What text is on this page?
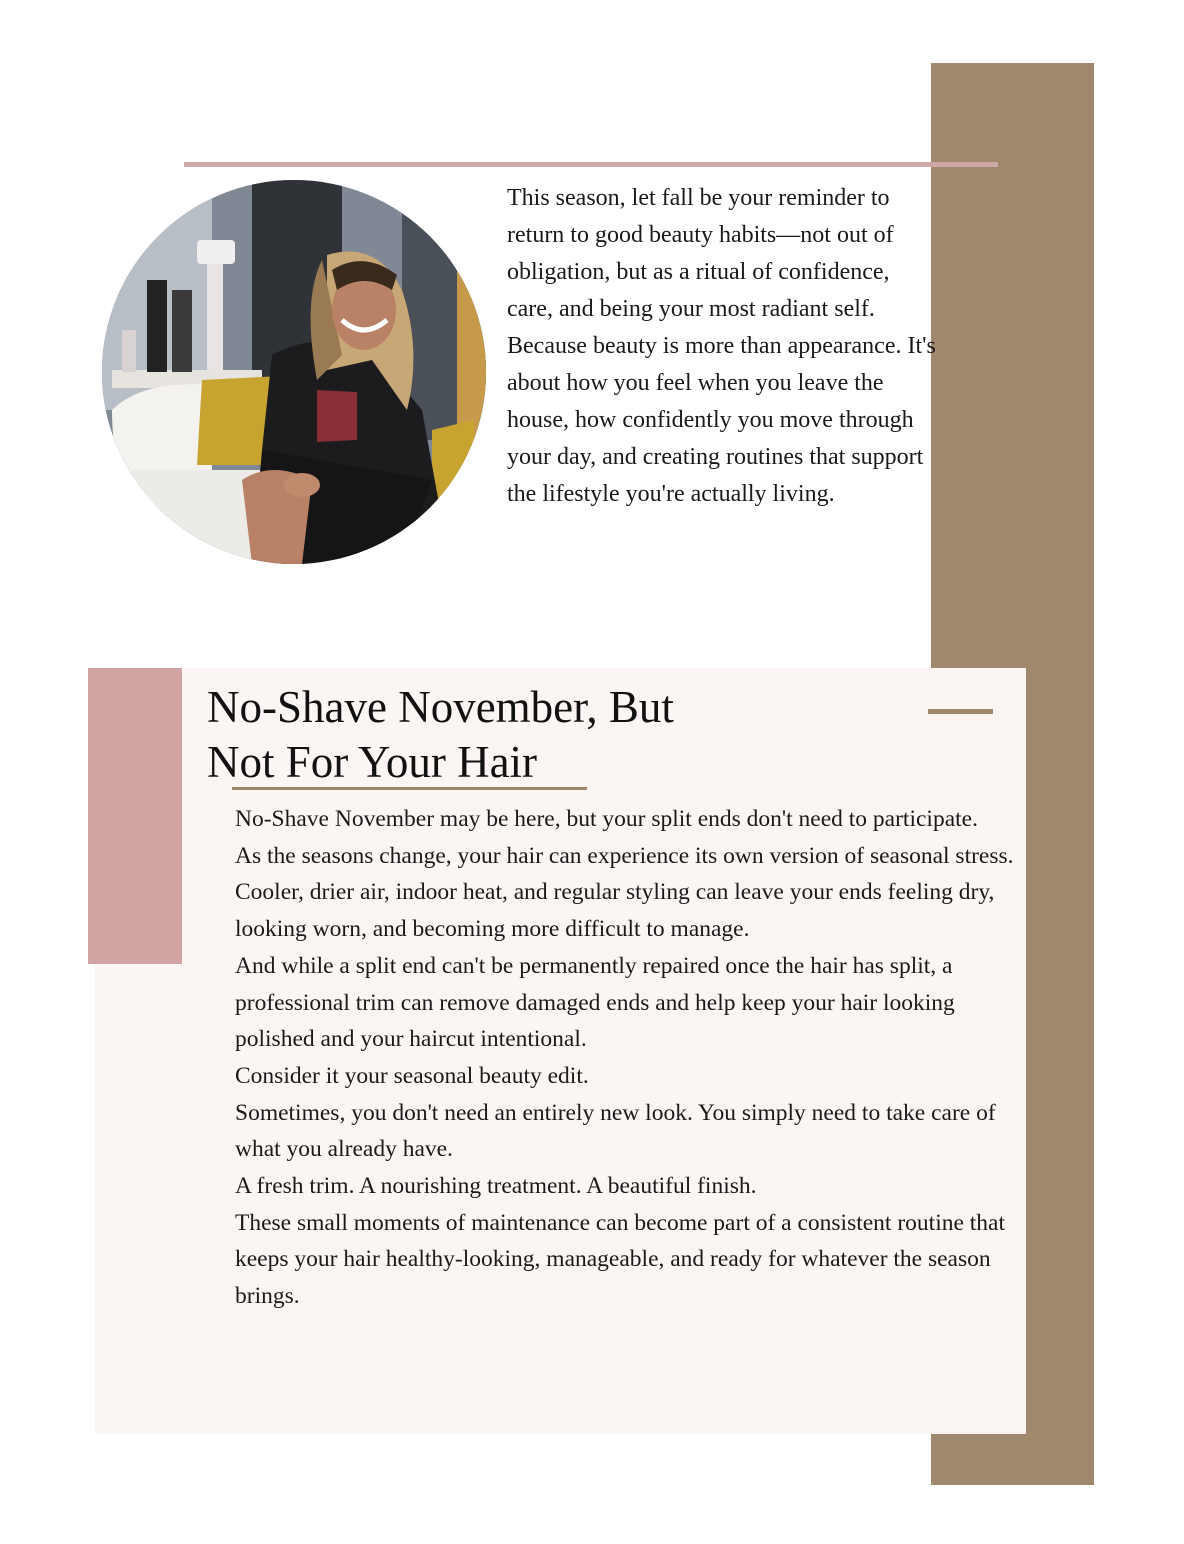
This season, let fall be your reminder to return to good beauty habits—not out of obligation, but as a ritual of confidence, care, and being your most radiant self.

Because beauty is more than appearance. It's about how you feel when you leave the house, how confidently you move through your day, and creating routines that support the lifestyle you're actually living.

No-Shave November, But
Not For Your Hair

No-Shave November may be here, but your split ends don't need to participate.

As the seasons change, your hair can experience its own version of seasonal stress. Cooler, drier air, indoor heat, and regular styling can leave your ends feeling dry, looking worn, and becoming more difficult to manage.

And while a split end can't be permanently repaired once the hair has split, a professional trim can remove damaged ends and help keep your hair looking polished and your haircut intentional.

Consider it your seasonal beauty edit.

Sometimes, you don't need an entirely new look. You simply need to take care of what you already have.

A fresh trim. A nourishing treatment. A beautiful finish.

These small moments of maintenance can become part of a consistent routine that keeps your hair healthy-looking, manageable, and ready for whatever the season brings.
